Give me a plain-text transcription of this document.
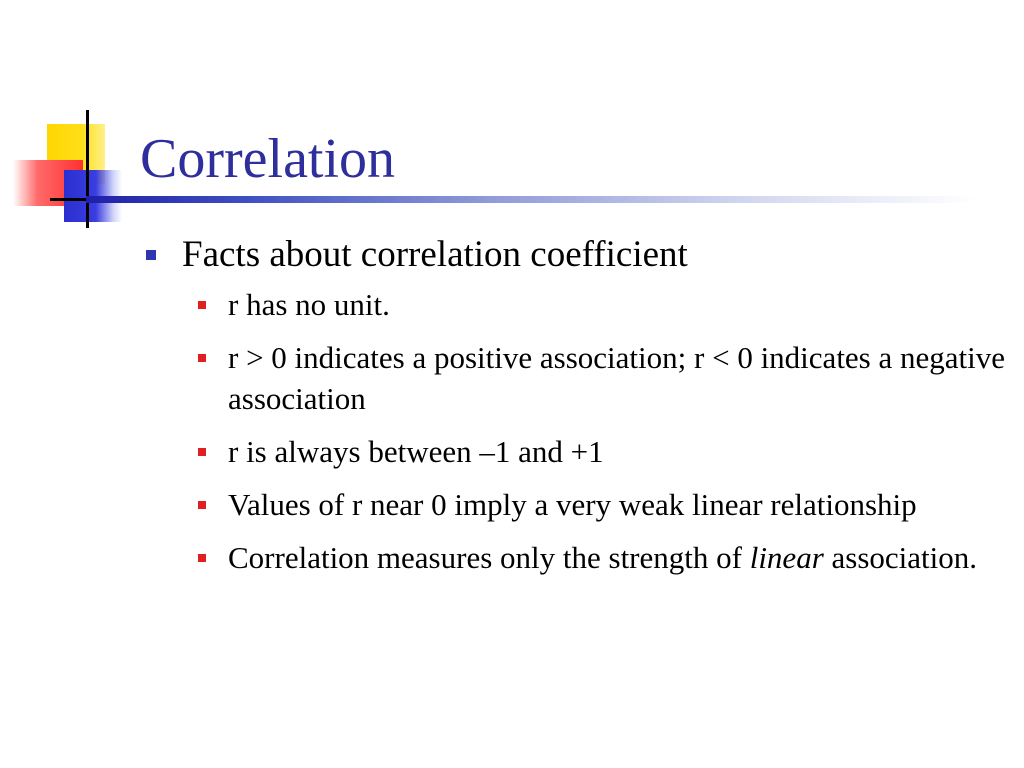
Correlation
Facts about correlation coefficient
r has no unit.
r > 0 indicates a positive association; r < 0 indicates a negative association
r is always between –1 and +1
Values of r near 0 imply a very weak linear relationship
Correlation measures only the strength of linear association.
